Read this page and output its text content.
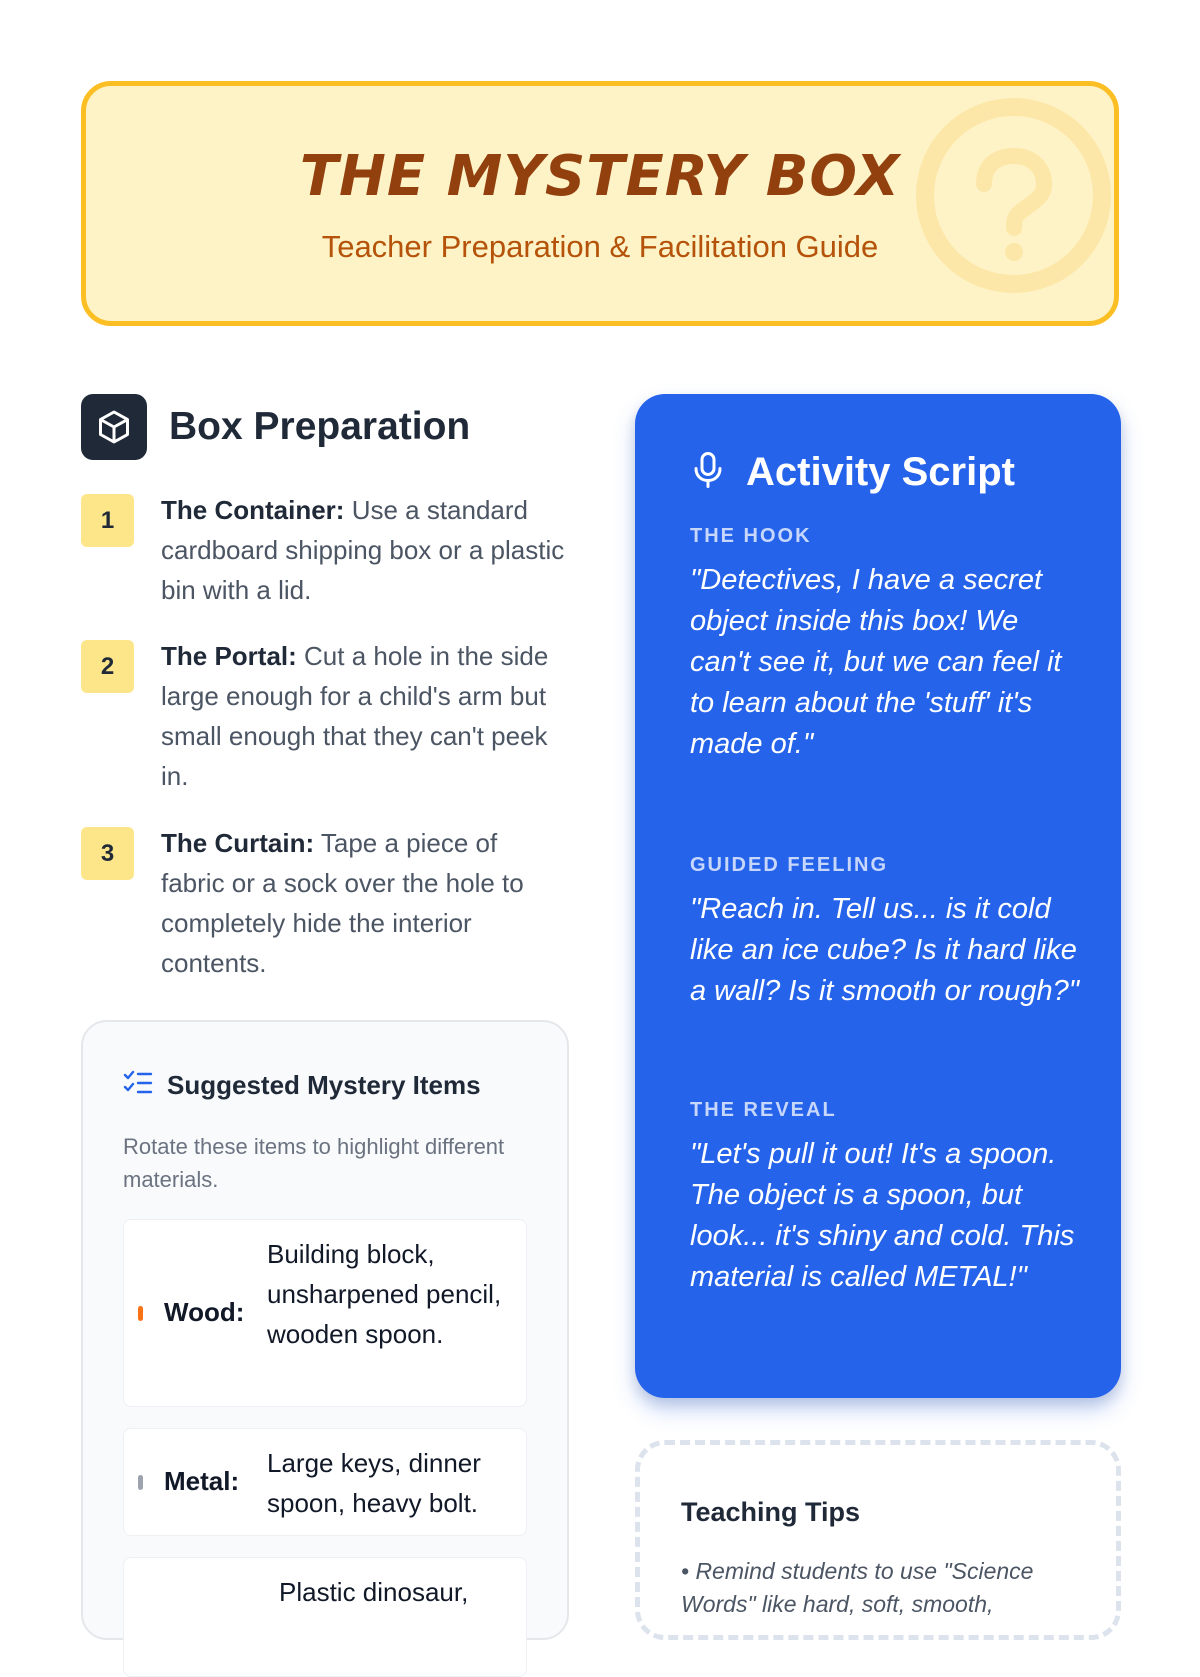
THE MYSTERY BOX
Teacher Preparation & Facilitation Guide
Box Preparation
1	The Container: Use a standard cardboard shipping box or a plastic bin with a lid.
2	The Portal: Cut a hole in the side large enough for a child's arm but small enough that they can't peek in.
3	The Curtain: Tape a piece of fabric or a sock over the hole to completely hide the interior contents.
Suggested Mystery Items
Rotate these items to highlight different materials.
Wood:
Building block, unsharpened pencil, wooden spoon.
Metal:
Large keys, dinner spoon, heavy bolt.
Plastic dinosaur,
Activity Script
THE HOOK
"Detectives, I have a secret object inside this box! We can't see it, but we can feel it to learn about the 'stuff' it's made of."
GUIDED FEELING
"Reach in. Tell us... is it cold like an ice cube? Is it hard like a wall? Is it smooth or rough?"
THE REVEAL
"Let's pull it out! It's a spoon. The object is a spoon, but look... it's shiny and cold. This material is called METAL!"
Teaching Tips
• Remind students to use "Science Words" like hard, soft, smooth,
